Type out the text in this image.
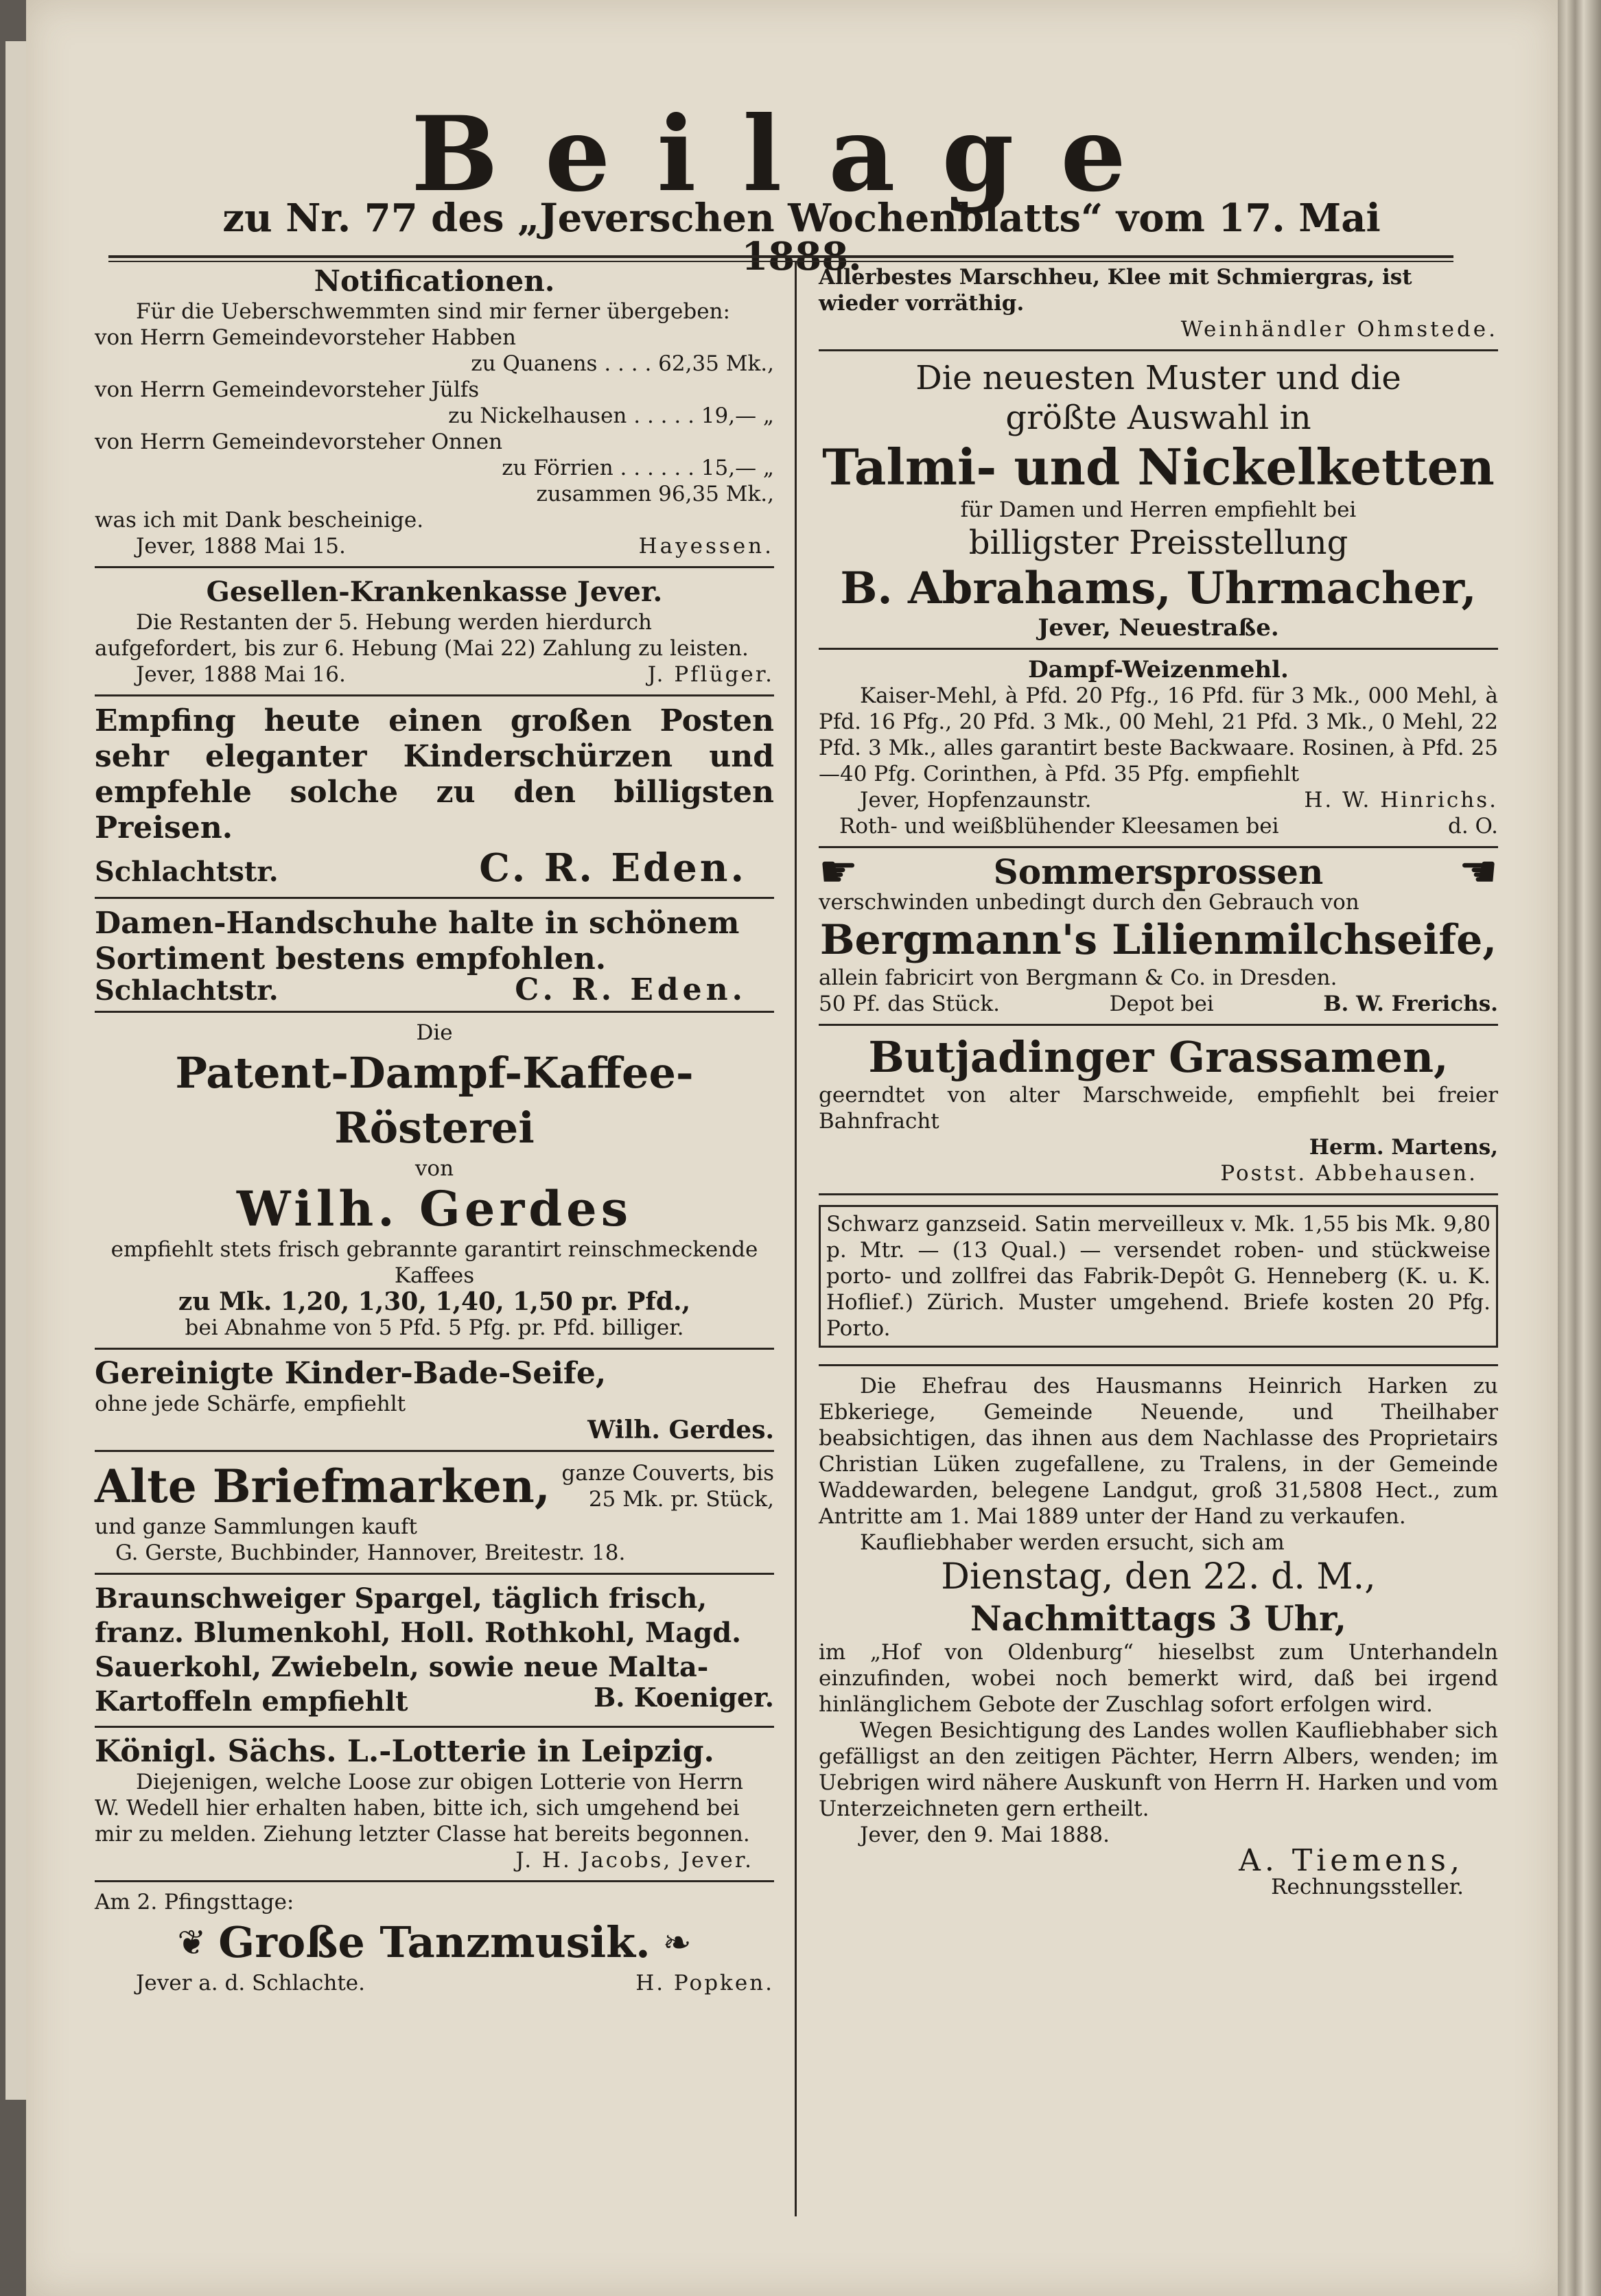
Beilage
zu Nr. 77 des „Jeverschen Wochenblatts“ vom 17. Mai 1888.
Notificationen.
Für die Ueberschwemmten sind mir ferner übergeben:
von Herrn Gemeindevorsteher Habben
zu Quanens . . . . 62,35 Mk.,
von Herrn Gemeindevorsteher Jülfs
zu Nickelhausen . . . . . 19,— „
von Herrn Gemeindevorsteher Onnen
zu Förrien . . . . . . 15,— „
zusammen 96,35 Mk.,
was ich mit Dank bescheinige.
Jever, 1888 Mai 15.	Hayessen.
Gesellen-Krankenkasse Jever.
Die Restanten der 5. Hebung werden hierdurch aufgefordert, bis zur 6. Hebung (Mai 22) Zahlung zu leisten.
Jever, 1888 Mai 16.	J. Pflüger.
Empfing heute einen großen Posten sehr eleganter Kinderschürzen und empfehle solche zu den billigsten Preisen.
Schlachtstr.	C. R. Eden.
Damen-Handschuhe halte in schönem Sortiment bestens empfohlen.
Schlachtstr.	C. R. Eden.
Die
Patent-Dampf-Kaffee-Rösterei
von
Wilh. Gerdes
empfiehlt stets frisch gebrannte garantirt reinschmeckende
Kaffees
zu Mk. 1,20, 1,30, 1,40, 1,50 pr. Pfd.,
bei Abnahme von 5 Pfd. 5 Pfg. pr. Pfd. billiger.
Gereinigte Kinder-Bade-Seife,
ohne jede Schärfe, empfiehlt
Wilh. Gerdes.
Alte Briefmarken, ganze Couverts, bis
25 Mk. pr. Stück,
und ganze Sammlungen kauft
G. Gerste, Buchbinder, Hannover, Breitestr. 18.
Braunschweiger Spargel, täglich frisch, franz. Blumenkohl, Holl. Rothkohl, Magd. Sauerkohl, Zwiebeln, sowie neue Malta-Kartoffeln empfiehlt	B. Koeniger.
Königl. Sächs. L.-Lotterie in Leipzig.
Diejenigen, welche Loose zur obigen Lotterie von Herrn W. Wedell hier erhalten haben, bitte ich, sich umgehend bei mir zu melden. Ziehung letzter Classe hat bereits begonnen.
J. H. Jacobs, Jever.
Am 2. Pfingsttage:
❦ Große Tanzmusik. ❧
Jever a. d. Schlachte.	H. Popken.
Allerbestes Marschheu, Klee mit Schmiergras, ist wieder vorräthig.
Weinhändler Ohmstede.
Die neuesten Muster und die
größte Auswahl in
Talmi- und Nickelketten
für Damen und Herren empfiehlt bei
billigster Preisstellung
B. Abrahams, Uhrmacher,
Jever, Neuestraße.
Dampf-Weizenmehl.
Kaiser-Mehl, à Pfd. 20 Pfg., 16 Pfd. für 3 Mk., 000 Mehl, à Pfd. 16 Pfg., 20 Pfd. 3 Mk., 00 Mehl, 21 Pfd. 3 Mk., 0 Mehl, 22 Pfd. 3 Mk., alles garantirt beste Backwaare. Rosinen, à Pfd. 25—40 Pfg. Corinthen, à Pfd. 35 Pfg. empfiehlt
Jever, Hopfenzaunstr.	H. W. Hinrichs.
Roth- und weißblühender Kleesamen bei	d. O.
☛	Sommersprossen	☚
verschwinden unbedingt durch den Gebrauch von
Bergmann's Lilienmilchseife,
allein fabricirt von Bergmann & Co. in Dresden.
50 Pf. das Stück.	Depot bei	B. W. Frerichs.
Butjadinger Grassamen,
geerndtet von alter Marschweide, empfiehlt bei freier Bahnfracht
Herm. Martens,
Postst. Abbehausen.
Schwarz ganzseid. Satin merveilleux v. Mk. 1,55 bis Mk. 9,80 p. Mtr. — (13 Qual.) — versendet roben- und stückweise porto- und zollfrei das Fabrik-Depôt G. Henneberg (K. u. K. Hoflief.) Zürich. Muster umgehend. Briefe kosten 20 Pfg. Porto.
Die Ehefrau des Hausmanns Heinrich Harken zu Ebkeriege, Gemeinde Neuende, und Theilhaber beabsichtigen, das ihnen aus dem Nachlasse des Proprietairs Christian Lüken zugefallene, zu Tralens, in der Gemeinde Waddewarden, belegene Landgut, groß 31,5808 Hect., zum Antritte am 1. Mai 1889 unter der Hand zu verkaufen.
Kaufliebhaber werden ersucht, sich am
Dienstag, den 22. d. M.,
Nachmittags 3 Uhr,
im „Hof von Oldenburg“ hieselbst zum Unterhandeln einzufinden, wobei noch bemerkt wird, daß bei irgend hinlänglichem Gebote der Zuschlag sofort erfolgen wird.
Wegen Besichtigung des Landes wollen Kaufliebhaber sich gefälligst an den zeitigen Pächter, Herrn Albers, wenden; im Uebrigen wird nähere Auskunft von Herrn H. Harken und vom Unterzeichneten gern ertheilt.
Jever, den 9. Mai 1888.
A. Tiemens,
Rechnungssteller.
